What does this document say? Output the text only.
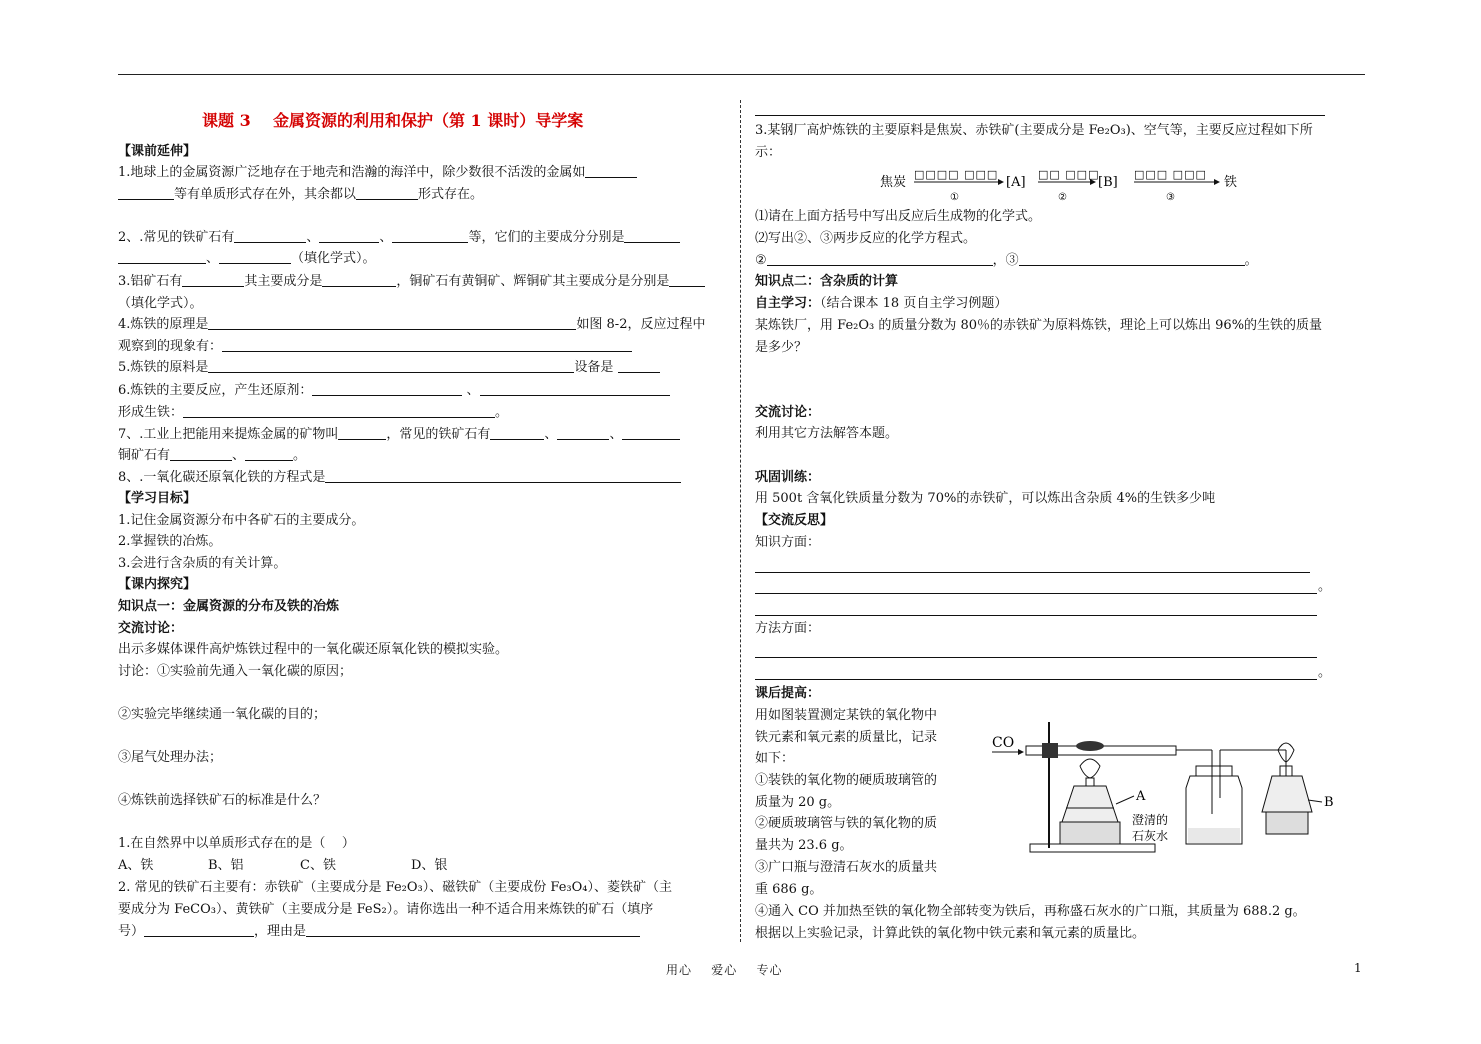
课题 3    金属资源的利用和保护（第 1 课时）导学案
【课前延伸】
1.地球上的金属资源广泛地存在于地壳和浩瀚的海洋中，除少数很不活泼的金属如
等有单质形式存在外，其余都以	形式存在。
2、.常见的铁矿石有	、	、	等，它们的主要成分分别是
、	（填化学式）。
3.铝矿石有	其主要成分是	，铜矿石有黄铜矿、辉铜矿其主要成分是分别是
（填化学式）。
4.炼铁的原理是	如图 8-2，反应过程中
观察到的现象有：
5.炼铁的原料是	设备是
6.炼铁的主要反应，产生还原剂：	、
形成生铁：	。
7、.工业上把能用来提炼金属的矿物叫	，常见的铁矿石有	、	、
铜矿石有	、	。
8、.一氧化碳还原氧化铁的方程式是
【学习目标】
1.记住金属资源分布中各矿石的主要成分。
2.掌握铁的冶炼。
3.会进行含杂质的有关计算。
【课内探究】
知识点一：金属资源的分布及铁的冶炼
交流讨论：
出示多媒体课件高炉炼铁过程中的一氧化碳还原氧化铁的模拟实验。
讨论：①实验前先通入一氧化碳的原因；
②实验完毕继续通一氧化碳的目的；
③尾气处理办法；
④炼铁前选择铁矿石的标准是什么？
1.在自然界中以单质形式存在的是（    ）
A、铁	B、铝	C、铁	D、银
2. 常见的铁矿石主要有：赤铁矿（主要成分是 Fe₂O₃）、磁铁矿（主要成份 Fe₃O₄）、菱铁矿（主
要成分为 FeCO₃）、黄铁矿（主要成分是 FeS₂）。请你选出一种不适合用来炼铁的矿石（填序
号）	，理由是
3.某钢厂高炉炼铁的主要原料是焦炭、赤铁矿(主要成分是 Fe₂O₃)、空气等，主要反应过程如下所
示：
焦炭
□□□□ □□□
①
[A]
□□ □□□
②
[B]
□□□ □□□
③
铁
⑴请在上面方括号中写出反应后生成物的化学式。
⑵写出②、③两步反应的化学方程式。
②	，③	。
知识点二：含杂质的计算
自主学习：（结合课本 18 页自主学习例题）
某炼铁厂，用 Fe₂O₃ 的质量分数为 80％的赤铁矿为原料炼铁，理论上可以炼出 96%的生铁的质量
是多少？
交流讨论：
利用其它方法解答本题。
巩固训练：
用 500t 含氧化铁质量分数为 70%的赤铁矿，可以炼出含杂质 4%的生铁多少吨
【交流反思】
知识方面：
。
方法方面：
。
课后提高：
用如图装置测定某铁的氧化物中
铁元素和氧元素的质量比，记录
如下：
①装铁的氧化物的硬质玻璃管的
质量为 20 g。
②硬质玻璃管与铁的氧化物的质
量共为 23.6 g。
③广口瓶与澄清石灰水的质量共
重 686 g。
④通入 CO 并加热至铁的氧化物全部转变为铁后，再称盛石灰水的广口瓶，其质量为 688.2 g。
根据以上实验记录，计算此铁的氧化物中铁元素和氧元素的质量比。
CO
A
澄清的
石灰水
B
用心    爱心    专心	1
